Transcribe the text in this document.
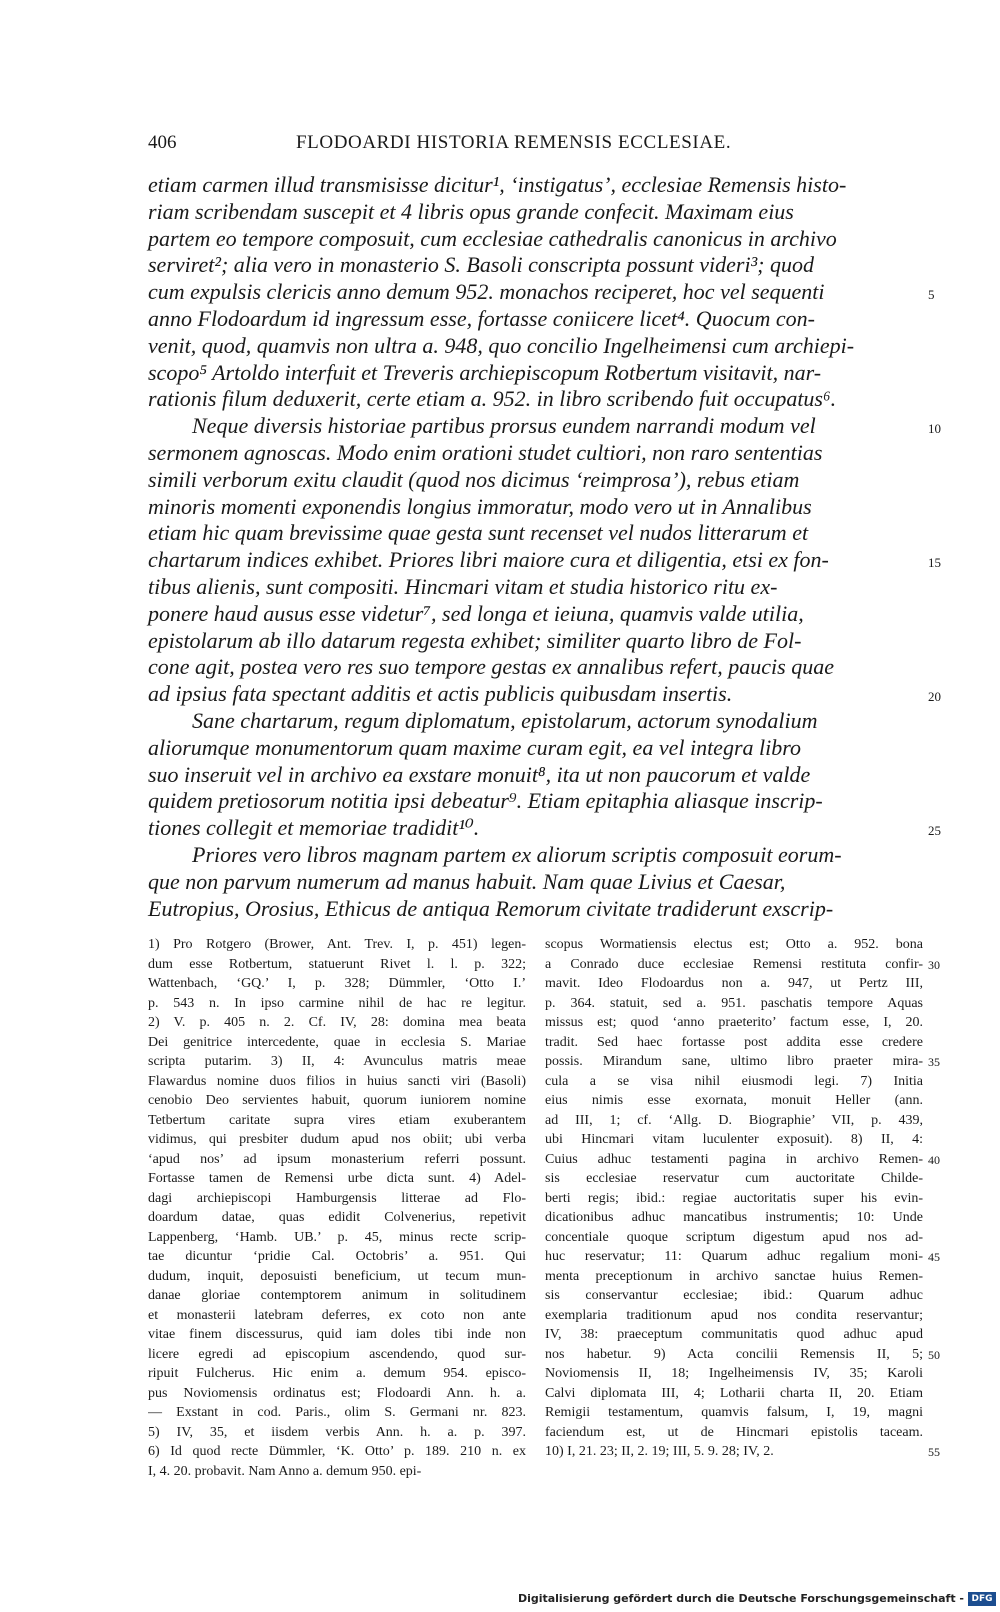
406	FLODOARDI HISTORIA REMENSIS ECCLESIAE.
etiam carmen illud transmisisse dicitur¹, ‘instigatus’, ecclesiae Remensis histo-
riam scribendam suscepit et 4 libris opus grande confecit. Maximam eius
partem eo tempore composuit, cum ecclesiae cathedralis canonicus in archivo
serviret²; alia vero in monasterio S. Basoli conscripta possunt videri³; quod
cum expulsis clericis anno demum 952. monachos reciperet, hoc vel sequenti
anno Flodoardum id ingressum esse, fortasse coniicere licet⁴. Quocum con-
venit, quod, quamvis non ultra a. 948, quo concilio Ingelheimensi cum archiepi-
scopo⁵ Artoldo interfuit et Treveris archiepiscopum Rotbertum visitavit, nar-
rationis filum deduxerit, certe etiam a. 952. in libro scribendo fuit occupatus⁶.
Neque diversis historiae partibus prorsus eundem narrandi modum vel
sermonem agnoscas. Modo enim orationi studet cultiori, non raro sententias
simili verborum exitu claudit (quod nos dicimus ‘reimprosa’), rebus etiam
minoris momenti exponendis longius immoratur, modo vero ut in Annalibus
etiam hic quam brevissime quae gesta sunt recenset vel nudos litterarum et
chartarum indices exhibet. Priores libri maiore cura et diligentia, etsi ex fon-
tibus alienis, sunt compositi. Hincmari vitam et studia historico ritu ex-
ponere haud ausus esse videtur⁷, sed longa et ieiuna, quamvis valde utilia,
epistolarum ab illo datarum regesta exhibet; similiter quarto libro de Fol-
cone agit, postea vero res suo tempore gestas ex annalibus refert, paucis quae
ad ipsius fata spectant additis et actis publicis quibusdam insertis.
Sane chartarum, regum diplomatum, epistolarum, actorum synodalium
aliorumque monumentorum quam maxime curam egit, ea vel integra libro
suo inseruit vel in archivo ea exstare monuit⁸, ita ut non paucorum et valde
quidem pretiosorum notitia ipsi debeatur⁹. Etiam epitaphia aliasque inscrip-
tiones collegit et memoriae tradidit¹⁰.
Priores vero libros magnam partem ex aliorum scriptis composuit eorum-
que non parvum numerum ad manus habuit. Nam quae Livius et Caesar,
Eutropius, Orosius, Ethicus de antiqua Remorum civitate tradiderunt exscrip-
5
10
15
20
25
1) Pro Rotgero (Brower, Ant. Trev. I, p. 451) legen-
dum esse Rotbertum, statuerunt Rivet l. l. p. 322;
Wattenbach, ‘GQ.’ I, p. 328; Dümmler, ‘Otto I.’
p. 543 n. In ipso carmine nihil de hac re legitur.
2) V. p. 405 n. 2. Cf. IV, 28: domina mea beata
Dei genitrice intercedente, quae in ecclesia S. Mariae
scripta putarim. 3) II, 4: Avunculus matris meae
Flawardus nomine duos filios in huius sancti viri (Basoli)
cenobio Deo servientes habuit, quorum iuniorem nomine
Tetbertum caritate supra vires etiam exuberantem
vidimus, qui presbiter dudum apud nos obiit; ubi verba
‘apud nos’ ad ipsum monasterium referri possunt.
Fortasse tamen de Remensi urbe dicta sunt. 4) Adel-
dagi archiepiscopi Hamburgensis litterae ad Flo-
doardum datae, quas edidit Colvenerius, repetivit
Lappenberg, ‘Hamb. UB.’ p. 45, minus recte scrip-
tae dicuntur ‘pridie Cal. Octobris’ a. 951. Qui
dudum, inquit, deposuisti beneficium, ut tecum mun-
danae gloriae contemptorem animum in solitudinem
et monasterii latebram deferres, ex coto non ante
vitae finem discessurus, quid iam doles tibi inde non
licere egredi ad episcopium ascendendo, quod sur-
ripuit Fulcherus. Hic enim a. demum 954. episco-
pus Noviomensis ordinatus est; Flodoardi Ann. h. a.
— Exstant in cod. Paris., olim S. Germani nr. 823.
5) IV, 35, et iisdem verbis Ann. h. a. p. 397.
6) Id quod recte Dümmler, ‘K. Otto’ p. 189. 210 n. ex
I, 4. 20. probavit. Nam Anno a. demum 950. epi-
scopus Wormatiensis electus est; Otto a. 952. bona
a Conrado duce ecclesiae Remensi restituta confir-
mavit. Ideo Flodoardus non a. 947, ut Pertz III,
p. 364. statuit, sed a. 951. paschatis tempore Aquas
missus est; quod ‘anno praeterito’ factum esse, I, 20.
tradit. Sed haec fortasse post addita esse credere
possis. Mirandum sane, ultimo libro praeter mira-
cula a se visa nihil eiusmodi legi. 7) Initia
eius nimis esse exornata, monuit Heller (ann.
ad III, 1; cf. ‘Allg. D. Biographie’ VII, p. 439,
ubi Hincmari vitam luculenter exposuit). 8) II, 4:
Cuius adhuc testamenti pagina in archivo Remen-
sis ecclesiae reservatur cum auctoritate Childe-
berti regis; ibid.: regiae auctoritatis super his evin-
dicationibus adhuc mancatibus instrumentis; 10: Unde
concentiale quoque scriptum digestum apud nos ad-
huc reservatur; 11: Quarum adhuc regalium moni-
menta preceptionum in archivo sanctae huius Remen-
sis conservantur ecclesiae; ibid.: Quarum adhuc
exemplaria traditionum apud nos condita reservantur;
IV, 38: praeceptum communitatis quod adhuc apud
nos habetur. 9) Acta concilii Remensis II, 5;
Noviomensis II, 18; Ingelheimensis IV, 35; Karoli
Calvi diplomata III, 4; Lotharii charta II, 20. Etiam
Remigii testamentum, quamvis falsum, I, 19, magni
faciendum est, ut de Hincmari epistolis taceam.
10) I, 21. 23; II, 2. 19; III, 5. 9. 28; IV, 2.
30
35
40
45
50
55
Digitalisierung gefördert durch die Deutsche Forschungsgemeinschaft - DFG
